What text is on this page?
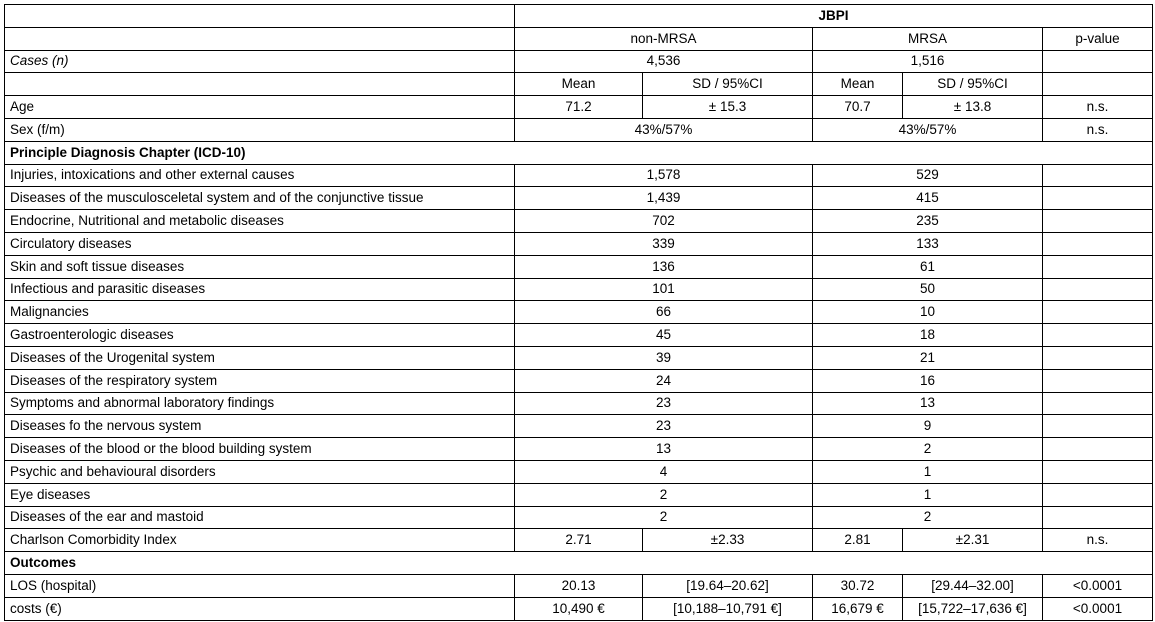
	JBPI				
	non-MRSA		MRSA		p-value
Cases (n)	4,536		1,516		
	Mean	SD / 95%CI	Mean	SD / 95%CI	
Age	71.2	± 15.3	70.7	± 13.8	n.s.
Sex (f/m)	43%/57%		43%/57%		n.s.
Principle Diagnosis Chapter (ICD-10)					
Injuries, intoxications and other external causes	1,578		529		
Diseases of the musculosceletal system and of the conjunctive tissue	1,439		415		
Endocrine, Nutritional and metabolic diseases	702		235		
Circulatory diseases	339		133		
Skin and soft tissue diseases	136		61		
Infectious and parasitic diseases	101		50		
Malignancies	66		10		
Gastroenterologic diseases	45		18		
Diseases of the Urogenital system	39		21		
Diseases of the respiratory system	24		16		
Symptoms and abnormal laboratory findings	23		13		
Diseases fo the nervous system	23		9		
Diseases of the blood or the blood building system	13		2		
Psychic and behavioural disorders	4		1		
Eye diseases	2		1		
Diseases of the ear and mastoid	2		2		
Charlson Comorbidity Index	2.71	±2.33	2.81	±2.31	n.s.
Outcomes					
LOS (hospital)	20.13	[19.64–20.62]	30.72	[29.44–32.00]	<0.0001
costs (€)	10,490 €	[10,188–10,791 €]	16,679 €	[15,722–17,636 €]	<0.0001
